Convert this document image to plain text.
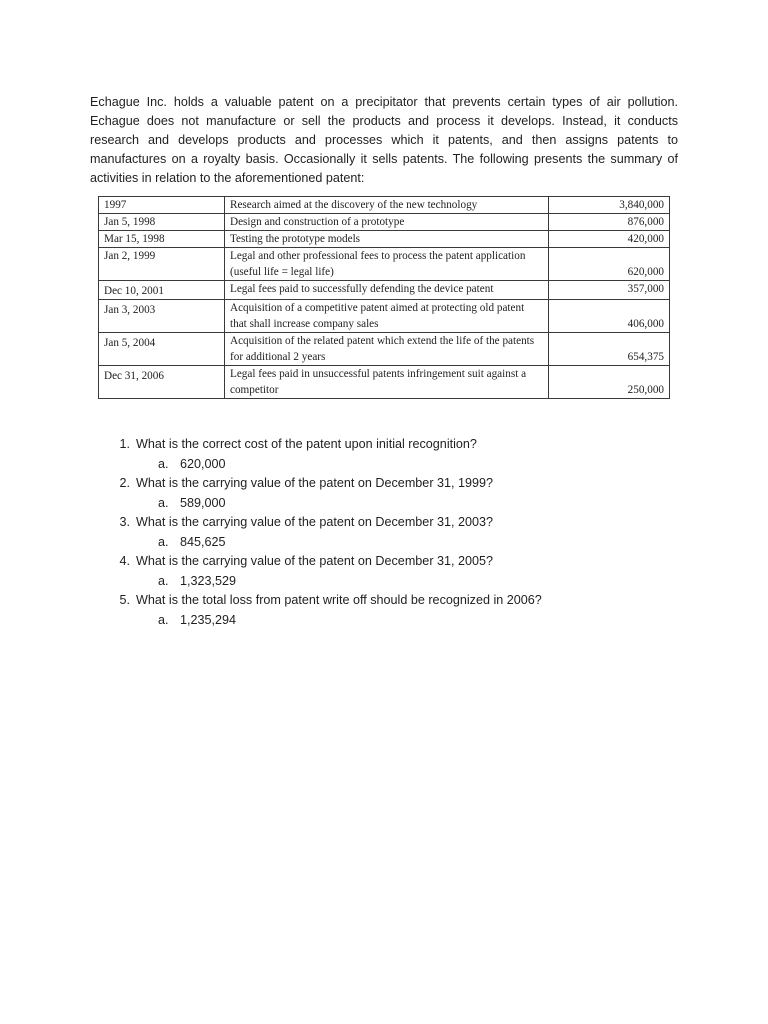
Echague Inc. holds a valuable patent on a precipitator that prevents certain types of air pollution. Echague does not manufacture or sell the products and process it develops. Instead, it conducts research and develops products and processes which it patents, and then assigns patents to manufactures on a royalty basis. Occasionally it sells patents. The following presents the summary of activities in relation to the aforementioned patent:

1997	Research aimed at the discovery of the new technology	3,840,000
Jan 5, 1998	Design and construction of a prototype	876,000
Mar 15, 1998	Testing the prototype models	420,000
Jan 2, 1999	Legal and other professional fees to process the patent application (useful life = legal life)	620,000
Dec 10, 2001	Legal fees paid to successfully defending the device patent	357,000
Jan 3, 2003	Acquisition of a competitive patent aimed at protecting old patent that shall increase company sales	406,000
Jan 5, 2004	Acquisition of the related patent which extend the life of the patents for additional 2 years	654,375
Dec 31, 2006	Legal fees paid in unsuccessful patents infringement suit against a competitor	250,000
1. What is the correct cost of the patent upon initial recognition?
a. 620,000
2. What is the carrying value of the patent on December 31, 1999?
a. 589,000
3. What is the carrying value of the patent on December 31, 2003?
a. 845,625
4. What is the carrying value of the patent on December 31, 2005?
a. 1,323,529
5. What is the total loss from patent write off should be recognized in 2006?
a. 1,235,294
